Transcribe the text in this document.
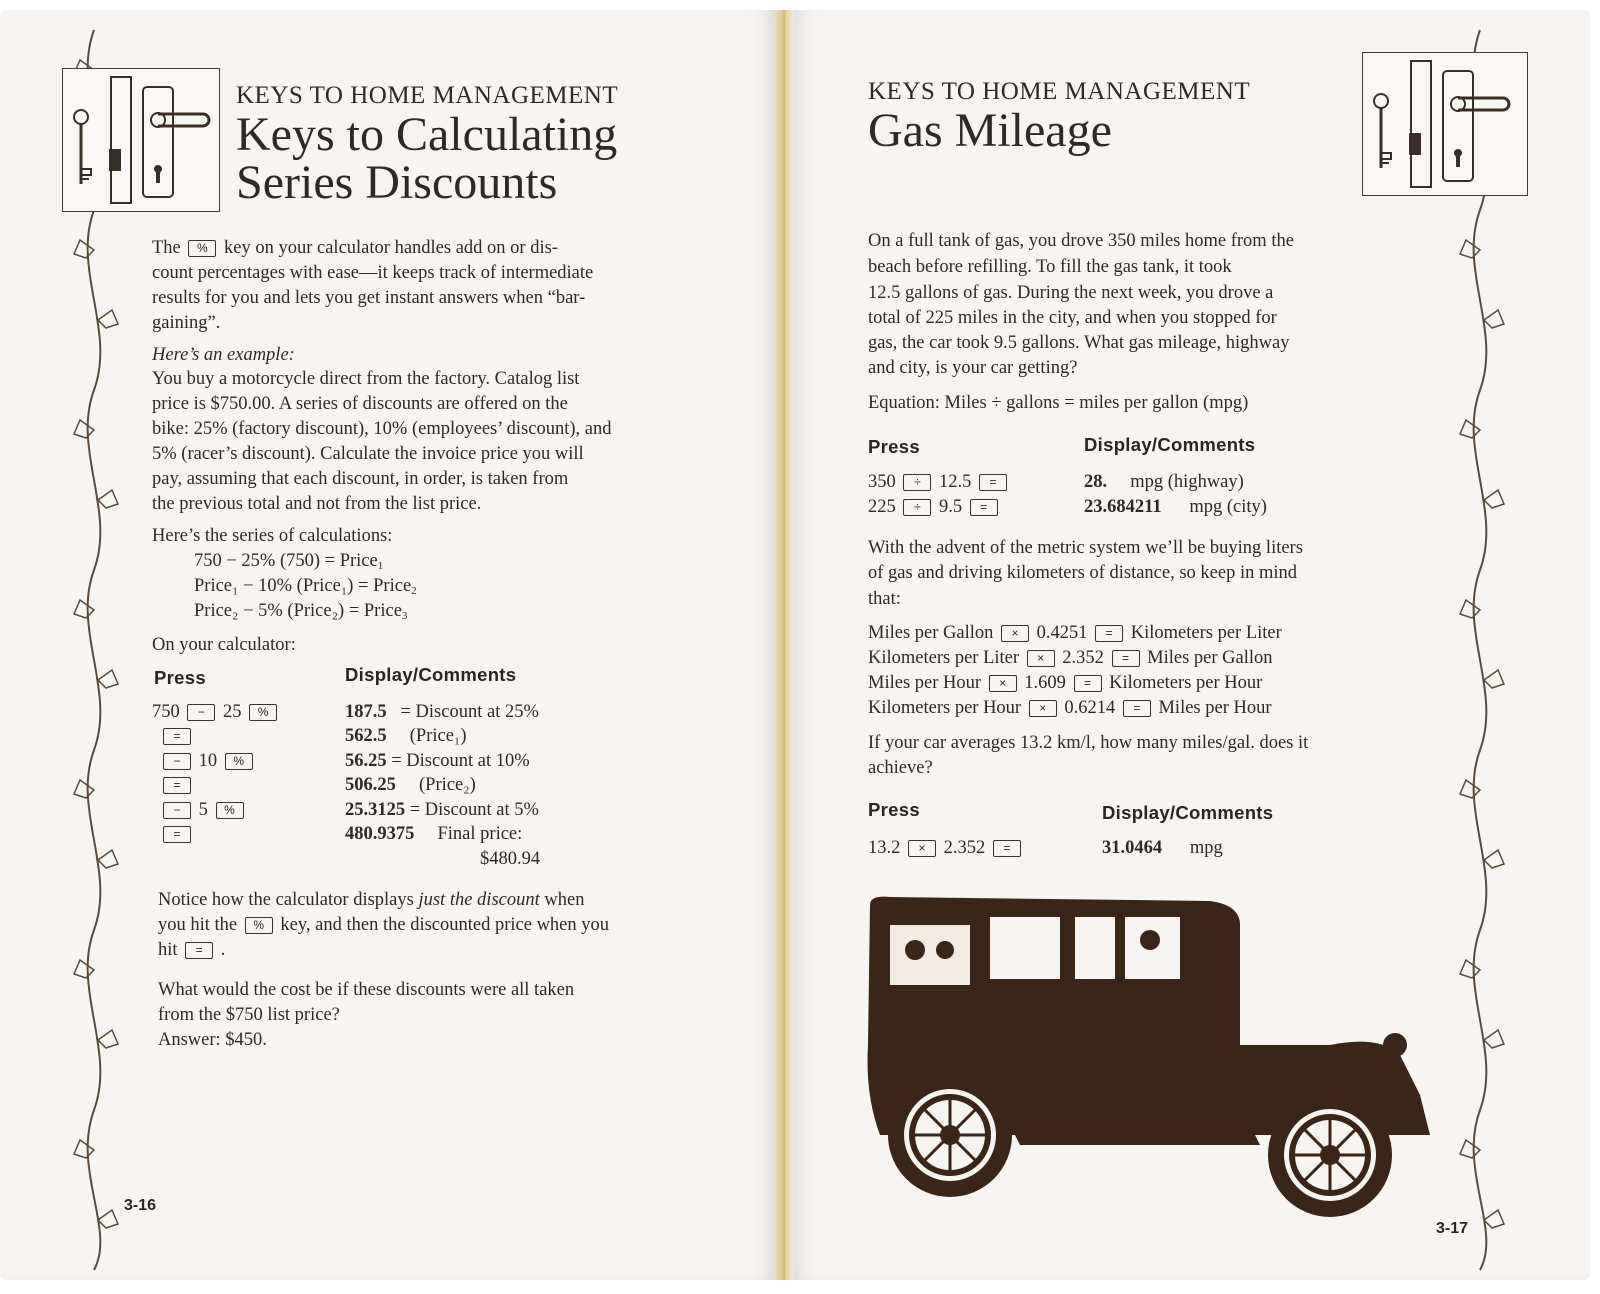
KEYS TO HOME MANAGEMENT
Keys to Calculating
Series Discounts
The % key on your calculator handles add on or dis-
count percentages with ease—it keeps track of intermediate
results for you and lets you get instant answers when “bar-
gaining”.
Here’s an example:
You buy a motorcycle direct from the factory. Catalog list
price is $750.00. A series of discounts are offered on the
bike: 25% (factory discount), 10% (employees’ discount), and
5% (racer’s discount). Calculate the invoice price you will
pay, assuming that each discount, in order, is taken from
the previous total and not from the list price.
Here’s the series of calculations:
750 − 25% (750) = Price$_1$
Price₁ − 10% (Price₁) = Price$_2$
Price₂ − 5% (Price₂) = Price$_3$
On your calculator:
Press	Display/Comments
750 − 25 %	187.5 = Discount at 25%
=	562.5 (Price₁)
− 10 %	56.25 = Discount at 10%
=	506.25 (Price₂)
− 5 %	25.3125 = Discount at 5%
=	480.9375 Final price:
$480.94
Notice how the calculator displays just the discount when
you hit the % key, and then the discounted price when you
hit = .
What would the cost be if these discounts were all taken
from the $750 list price?
Answer: $450.
3-16
KEYS TO HOME MANAGEMENT
Gas Mileage
On a full tank of gas, you drove 350 miles home from the
beach before refilling. To fill the gas tank, it took
12.5 gallons of gas. During the next week, you drove a
total of 225 miles in the city, and when you stopped for
gas, the car took 9.5 gallons. What gas mileage, highway
and city, is your car getting?
Equation: Miles ÷ gallons = miles per gallon (mpg)
Press	Display/Comments
350 ÷ 12.5 =	28. mpg (highway)
225 ÷ 9.5 =	23.684211 mpg (city)
With the advent of the metric system we’ll be buying liters
of gas and driving kilometers of distance, so keep in mind
that:
Miles per Gallon × 0.4251 = Kilometers per Liter
Kilometers per Liter × 2.352 = Miles per Gallon
Miles per Hour × 1.609 = Kilometers per Hour
Kilometers per Hour × 0.6214 = Miles per Hour
If your car averages 13.2 km/l, how many miles/gal. does it
achieve?
Press	Display/Comments
13.2 × 2.352 =	31.0464 mpg
3-17
